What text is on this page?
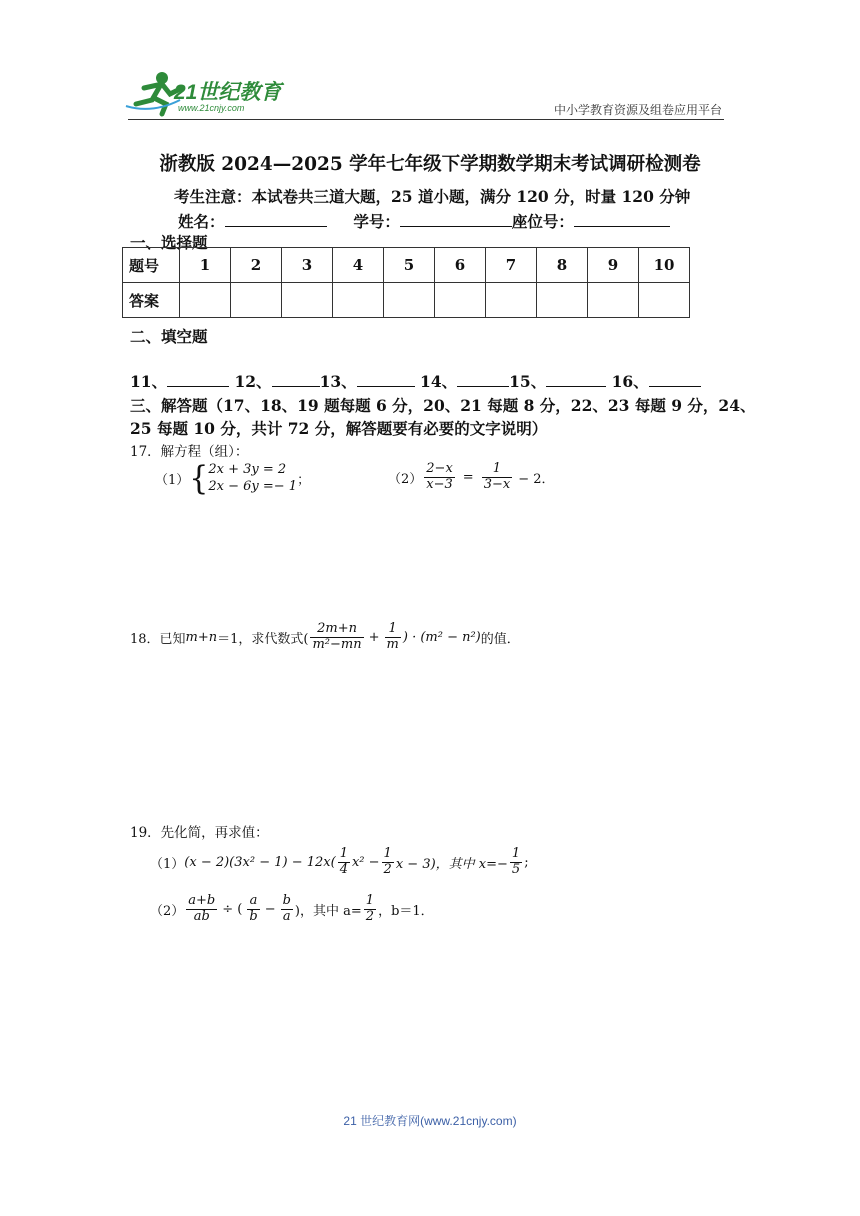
21世纪教育
www.21cnjy.com	中小学教育资源及组卷应用平台
浙教版 2024—2025 学年七年级下学期数学期末考试调研检测卷
考生注意：本试卷共三道大题，25 道小题，满分 120 分，时量 120 分钟
姓名：	学号：	座位号：
一、选择题
题号	1	2	3	4	5	6	7	8	9	10
答案										
二、填空题
11、	12、	13、	14、	15、	16、
三、解答题（17、18、19 题每题 6 分，20、21 每题 8 分，22、23 每题 9 分，24、
25 每题 10 分，共计 72 分，解答题要有必要的文字说明）
17．解方程（组）：
（1） { 2x + 3y = 2
2x − 6y =− 1 ；	$(2) \frac{2-x}{x-3} = \frac{1}{3-x} - 2$．
18．已知 m+n ＝1，求代数式( $\frac{2m+n}{\text{m²−mn}} + \frac{1}{m}$ ) · (m² − n²) 的值．
19．先化简，再求值：
（1） $(x - 2)(3x^2 - 1) - 12x( \frac{1}{4} x^2 - \frac{1}{2}$ x − 3)，其中 $x=- \frac{1}{5}$ ;
$(2) \frac{a+b}{ab}$ ÷ ( $\frac{a}{b} - \frac{b}{a}$ )，其中 $a= \frac{1}{2}$ ，b＝1．
21 世纪教育网(www.21cnjy.com)
